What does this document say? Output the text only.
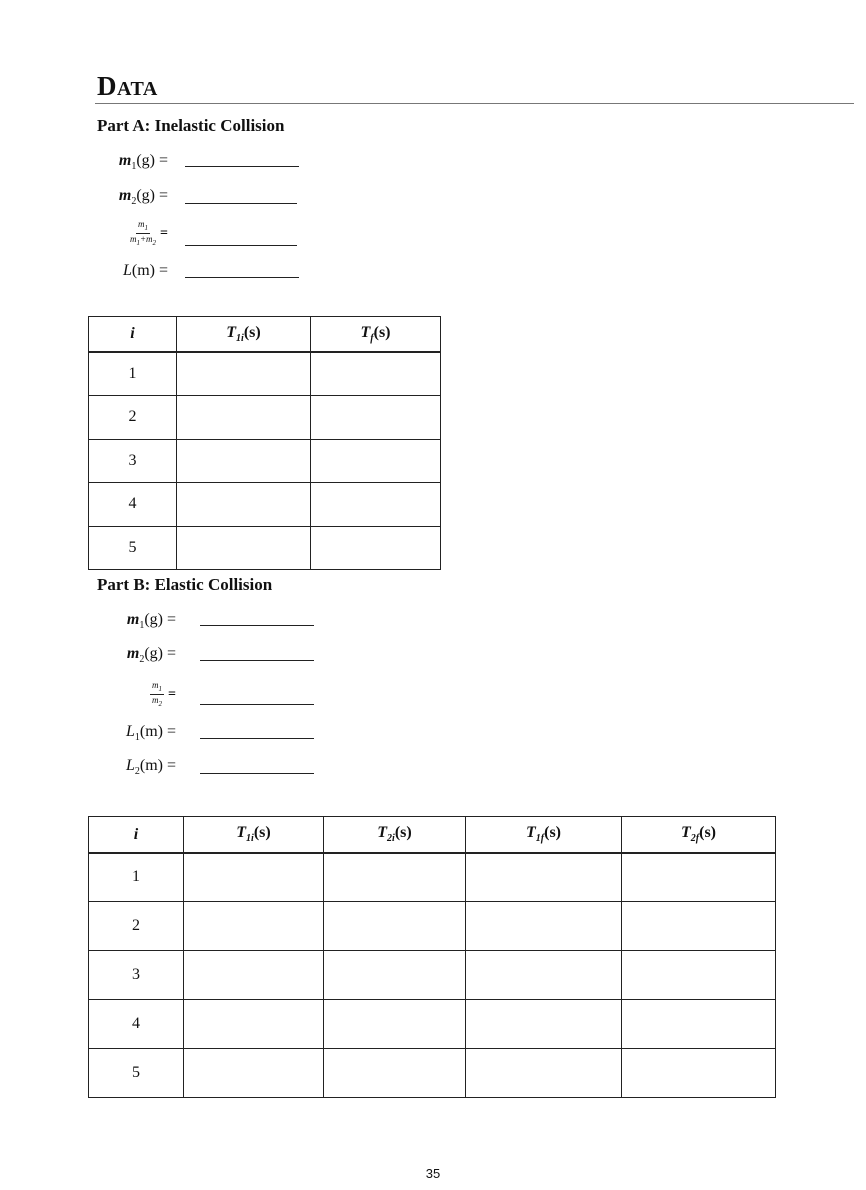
DATA
Part A: Inelastic Collision
$m_1(g)$ =
$m_2(g)$ =
$\frac{m_1}{m_1+m_2}$ =
L(m) =
i	$T_{1i}(s)$	$T_f(s)$
1		
2		
3		
4		
5		
Part B: Elastic Collision
$m_1(g)$ =
$m_2(g)$ =
$\frac{m_1}{m_2}$ =
$L_1(m)$ =
$L_2(m)$ =
i	$T_{1i}(s)$	$T_{2i}(s)$	$T_{1f}(s)$	$T_{2f}(s)$
1				
2				
3				
4				
5				
35
